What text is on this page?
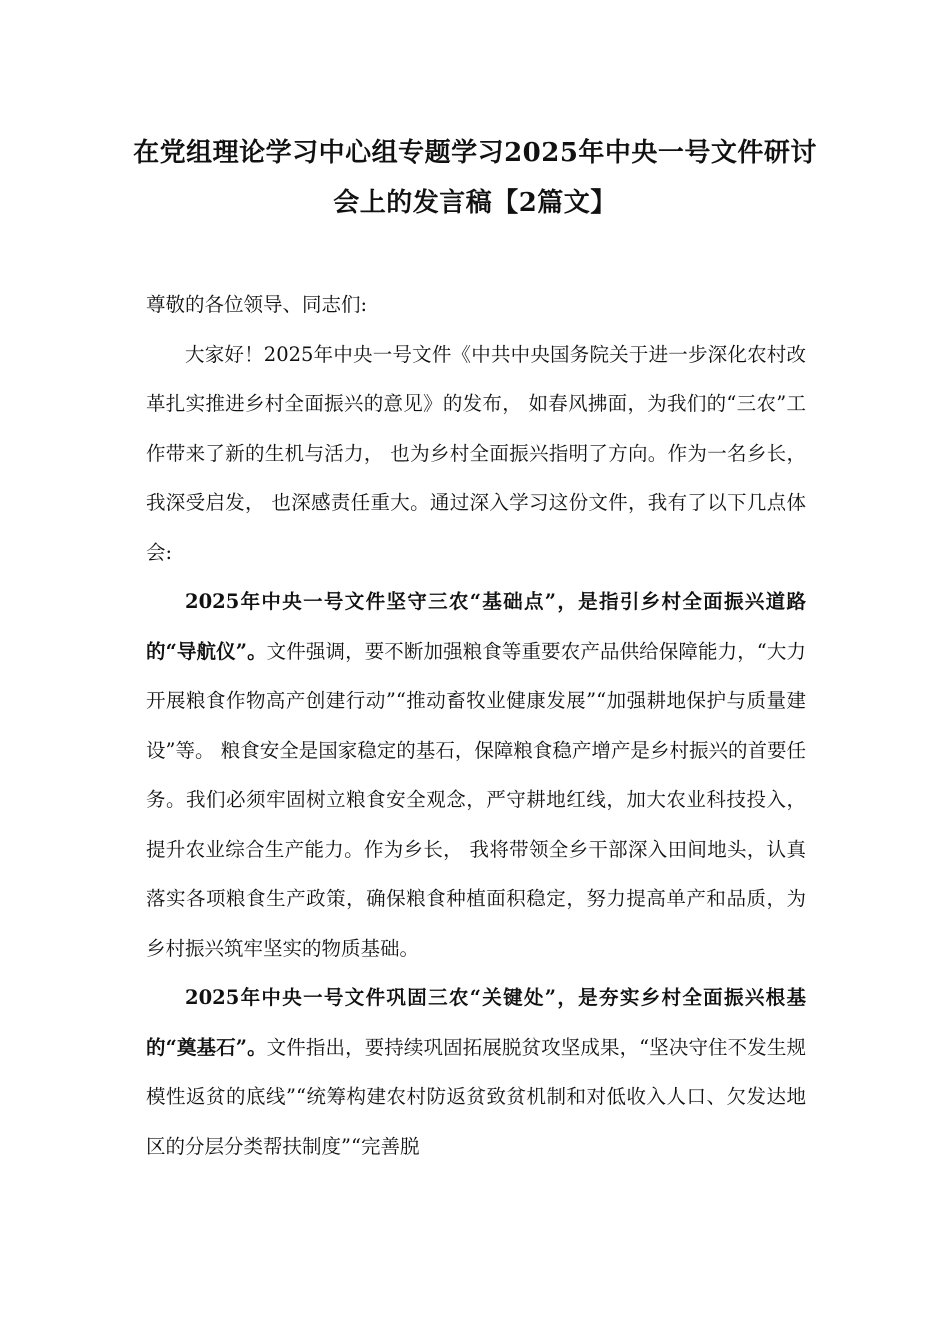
在党组理论学习中心组专题学习2025年中央一号文件研讨会上的发言稿【2篇文】

尊敬的各位领导、同志们:

大家好！2025年中央一号文件《中共中央国务院关于进一步深化农村改革扎实推进乡村全面振兴的意见》的发布， 如春风拂面，为我们的“三农”工作带来了新的生机与活力， 也为乡村全面振兴指明了方向。作为一名乡长，我深受启发， 也深感责任重大。通过深入学习这份文件，我有了以下几点体会:

2025年中央一号文件坚守三农“基础点”，是指引乡村全面振兴道路的“导航仪”。文件强调，要不断加强粮食等重要农产品供给保障能力，“大力开展粮食作物高产创建行动”“推动畜牧业健康发展”“加强耕地保护与质量建设”等。 粮食安全是国家稳定的基石，保障粮食稳产增产是乡村振兴的首要任务。我们必须牢固树立粮食安全观念，严守耕地红线，加大农业科技投入，提升农业综合生产能力。作为乡长， 我将带领全乡干部深入田间地头，认真落实各项粮食生产政策，确保粮食种植面积稳定，努力提高单产和品质，为乡村振兴筑牢坚实的物质基础。

2025年中央一号文件巩固三农“关键处”，是夯实乡村全面振兴根基的“奠基石”。文件指出，要持续巩固拓展脱贫攻坚成果，“坚决守住不发生规模性返贫的底线”“统筹构建农村防返贫致贫机制和对低收入人口、欠发达地区的分层分类帮扶制度”“完善脱
